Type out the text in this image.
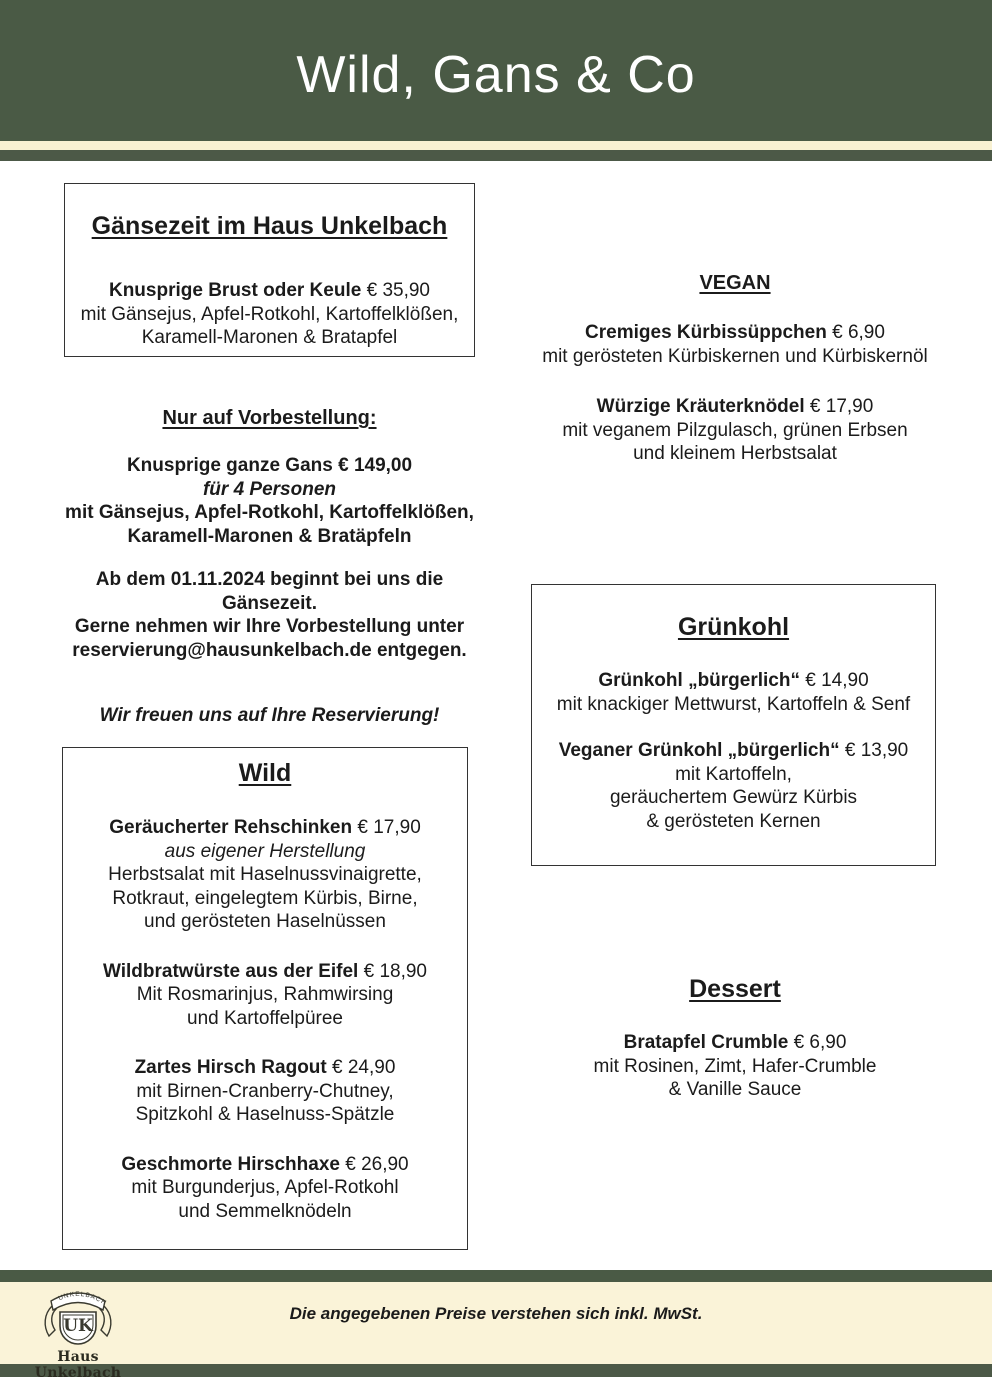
Wild, Gans & Co
Gänsezeit im Haus Unkelbach
Knusprige Brust oder Keule € 35,90
mit Gänsejus, Apfel-Rotkohl, Kartoffelklößen,
Karamell-Maronen & Bratapfel
Nur auf Vorbestellung:
Knusprige ganze Gans € 149,00
für 4 Personen
mit Gänsejus, Apfel-Rotkohl, Kartoffelklößen,
Karamell-Maronen & Bratäpfeln
Ab dem 01.11.2024 beginnt bei uns die Gänsezeit.
Gerne nehmen wir Ihre Vorbestellung unter
reservierung@hausunkelbach.de entgegen.
Wir freuen uns auf Ihre Reservierung!
Wild
Geräucherter Rehschinken € 17,90
aus eigener Herstellung
Herbstsalat mit Haselnussvinaigrette,
Rotkraut, eingelegtem Kürbis, Birne,
und gerösteten Haselnüssen
Wildbratwürste aus der Eifel € 18,90
Mit Rosmarinjus, Rahmwirsing
und Kartoffelpüree
Zartes Hirsch Ragout € 24,90
mit Birnen-Cranberry-Chutney,
Spitzkohl & Haselnuss-Spätzle
Geschmorte Hirschhaxe € 26,90
mit Burgunderjus, Apfel-Rotkohl
und Semmelknödeln
VEGAN
Cremiges Kürbissüppchen € 6,90
mit gerösteten Kürbiskernen und Kürbiskernöl
Würzige Kräuterknödel € 17,90
mit veganem Pilzgulasch, grünen Erbsen
und kleinem Herbstsalat
Grünkohl
Grünkohl „bürgerlich“ € 14,90
mit knackiger Mettwurst, Kartoffeln & Senf
Veganer Grünkohl „bürgerlich“ € 13,90
mit Kartoffeln,
geräuchertem Gewürz Kürbis
& gerösteten Kernen
Dessert
Bratapfel Crumble € 6,90
mit Rosinen, Zimt, Hafer-Crumble
& Vanille Sauce
Die angegebenen Preise verstehen sich inkl. MwSt.
UNKELBACH
UK
Haus Unkelbach
